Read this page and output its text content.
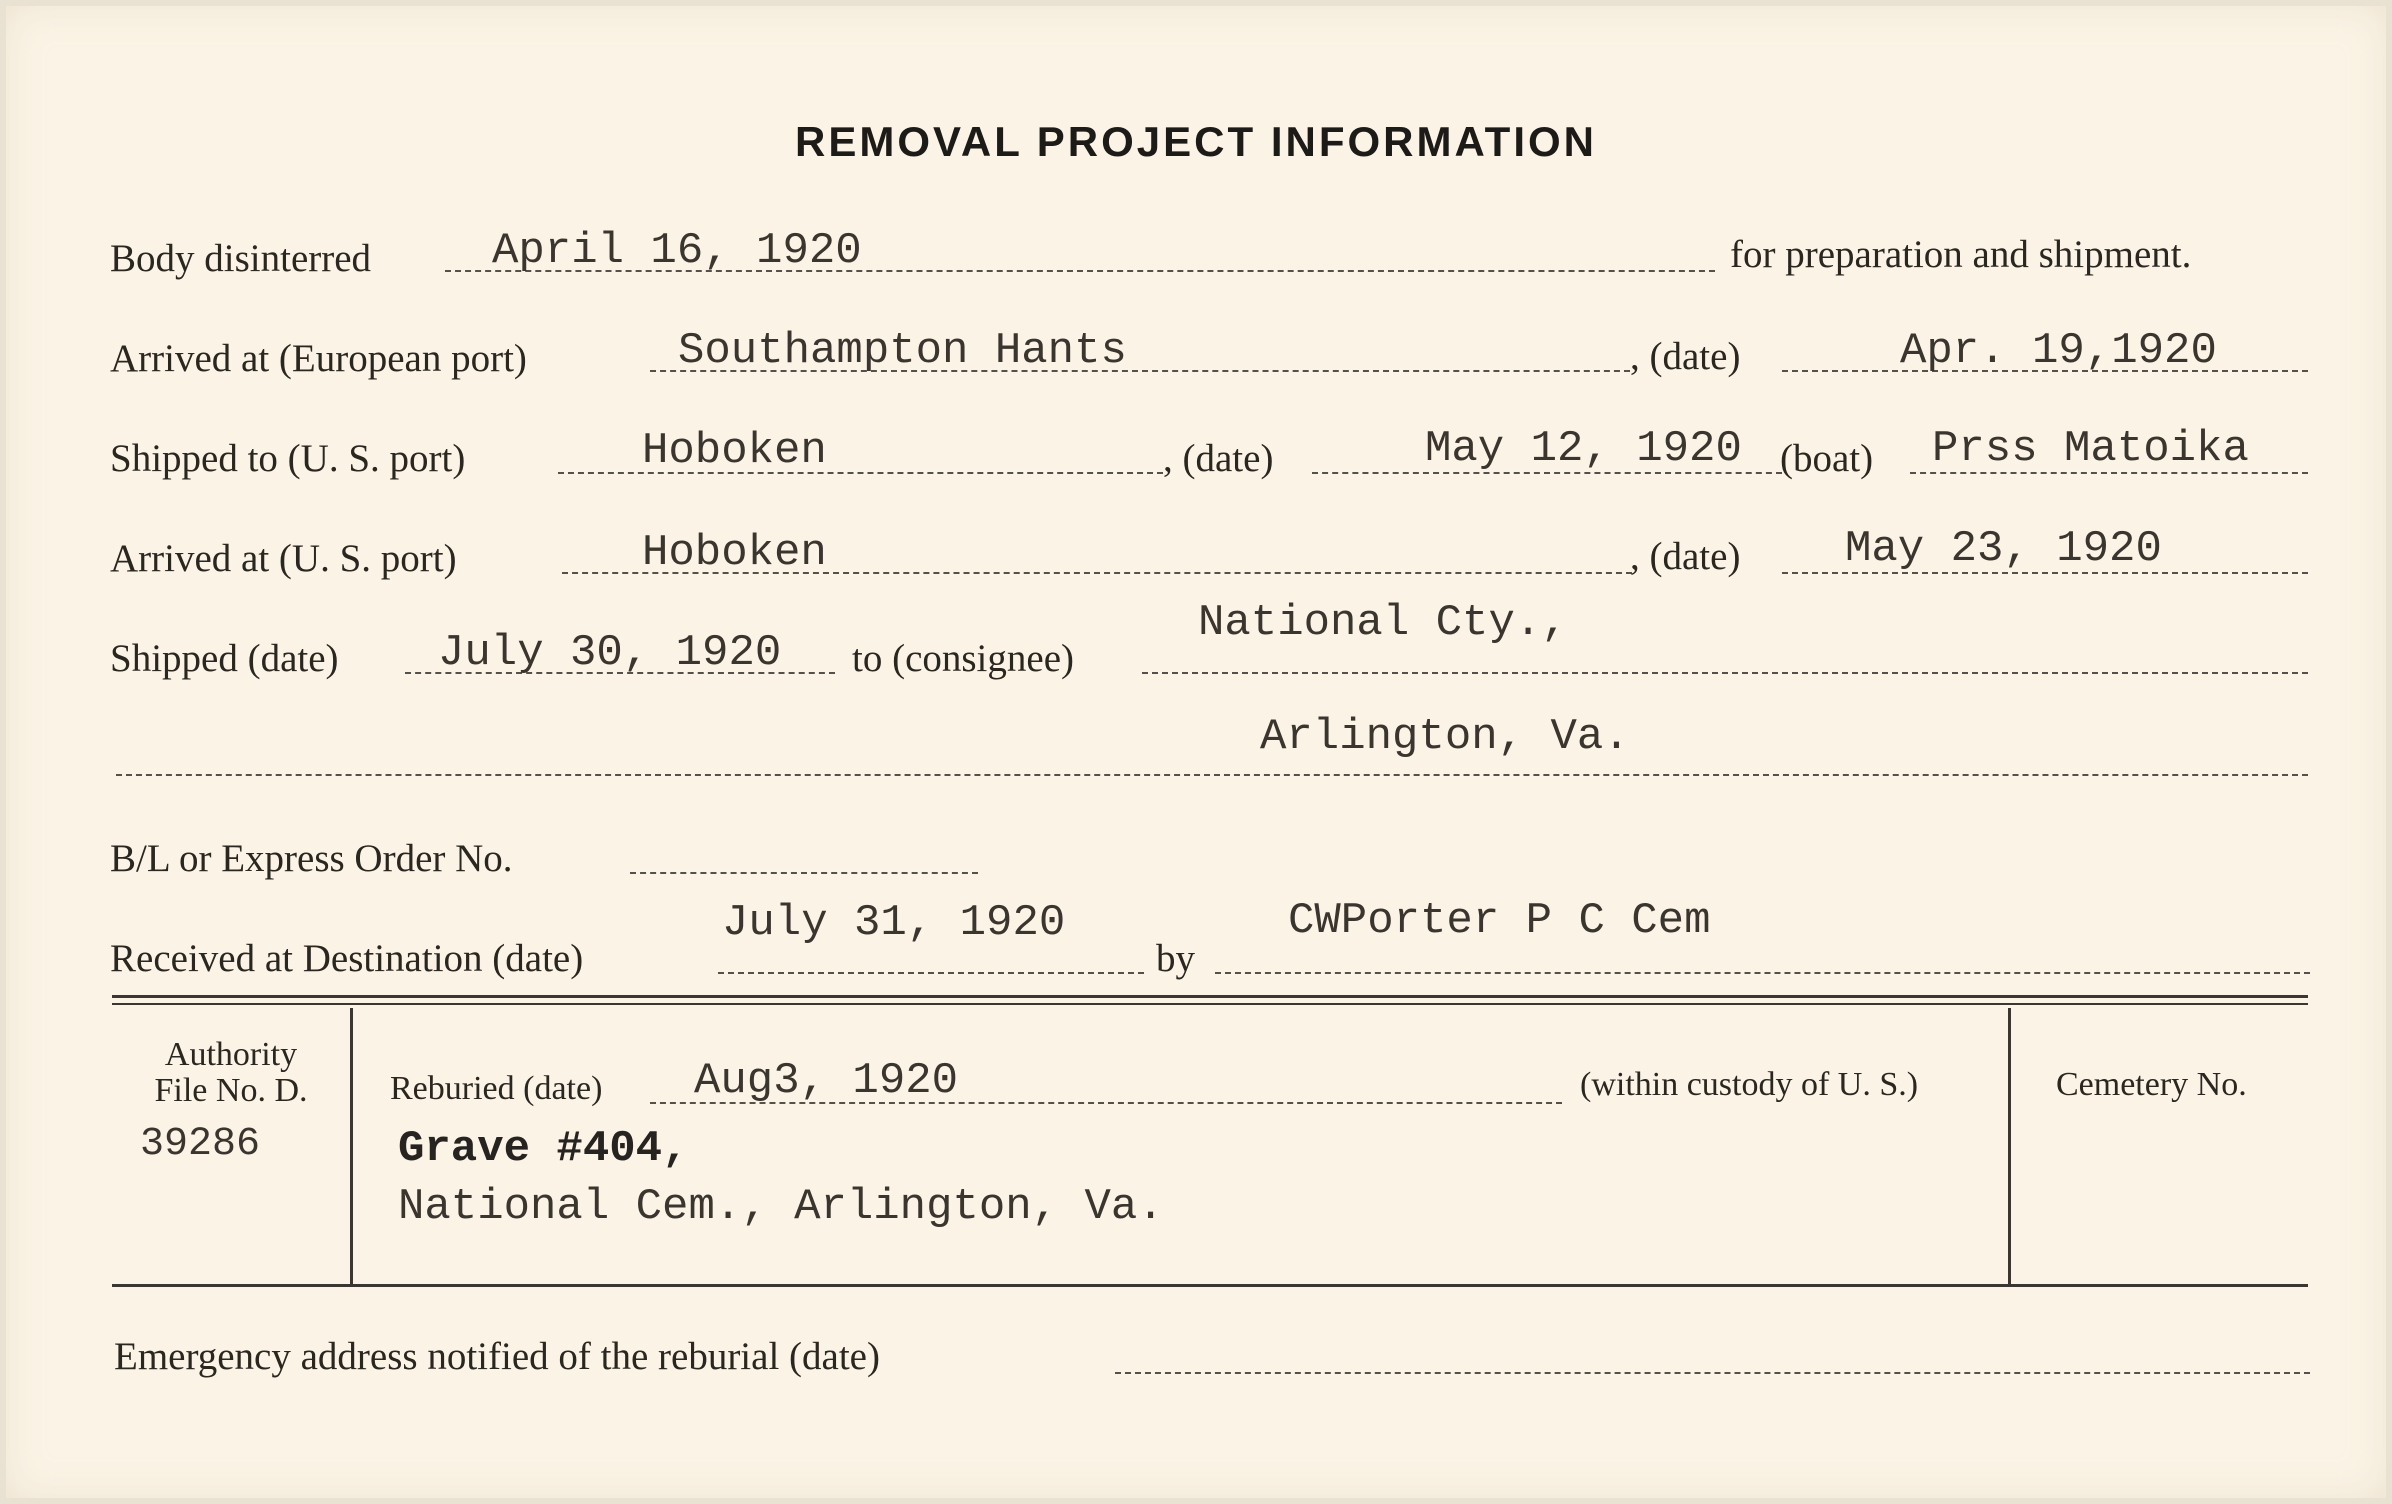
REMOVAL PROJECT INFORMATION
Body disinterred	April 16, 1920	for preparation and shipment.
Arrived at (European port)	Southampton Hants	, (date)	Apr. 19,1920
Shipped to (U. S. port)	Hoboken	, (date)	May 12, 1920 (boat) Prss Matoika
Arrived at (U. S. port)	Hoboken	, (date) May 23, 1920
Shipped (date) July 30, 1920 to (consignee)
National Cty.,
Arlington, Va.
B/L or Express Order No.
Received at Destination (date)
July 31, 1920
by
CWPorter P C Cem
Authority
File No. D.
39286
Reburied (date) Aug3, 1920	(within custody of U. S.)
Grave #404,
National Cem., Arlington, Va.
Cemetery No.
Emergency address notified of the reburial (date)
